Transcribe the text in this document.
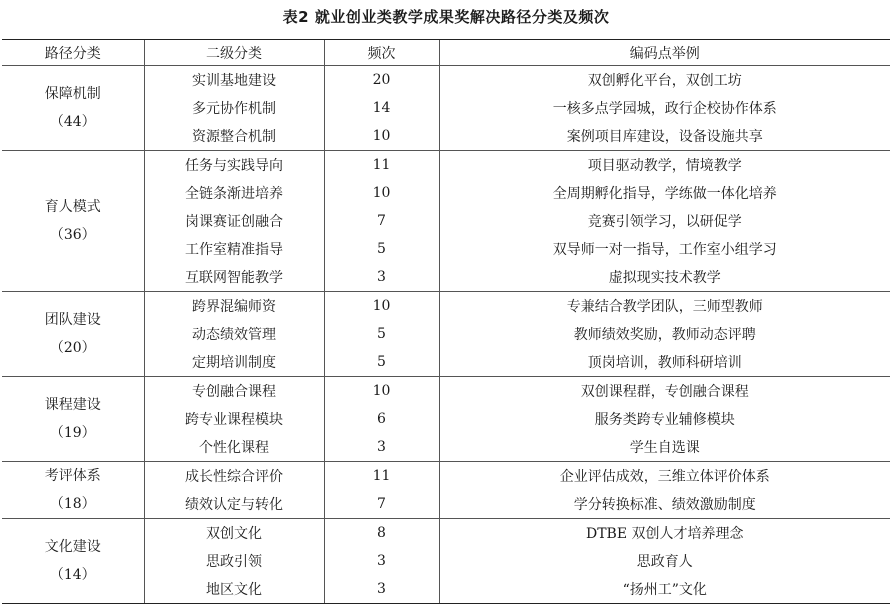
表2 就业创业类教学成果奖解决路径分类及频次
路径分类	二级分类	频次	编码点举例

保障机制
（44）	实训基地建设	20	双创孵化平台，双创工坊
	多元协作机制	14	一核多点学园城，政行企校协作体系
	资源整合机制	10	案例项目库建设，设备设施共享

育人模式
（36）	任务与实践导向	11	项目驱动教学，情境教学
	全链条渐进培养	10	全周期孵化指导，学练做一体化培养
	岗课赛证创融合	7	竞赛引领学习，以研促学
	工作室精准指导	5	双导师一对一指导，工作室小组学习
	互联网智能教学	3	虚拟现实技术教学

团队建设
（20）	跨界混编师资	10	专兼结合教学团队，三师型教师
	动态绩效管理	5	教师绩效奖励，教师动态评聘
	定期培训制度	5	顶岗培训，教师科研培训

课程建设
（19）	专创融合课程	10	双创课程群，专创融合课程
	跨专业课程模块	6	服务类跨专业辅修模块
	个性化课程	3	学生自选课

考评体系
（18）	成长性综合评价	11	企业评估成效，三维立体评价体系
	绩效认定与转化	7	学分转换标准、绩效激励制度

文化建设
（14）	双创文化	8	DTBE 双创人才培养理念
	思政引领	3	思政育人
	地区文化	3	“扬州工”文化
